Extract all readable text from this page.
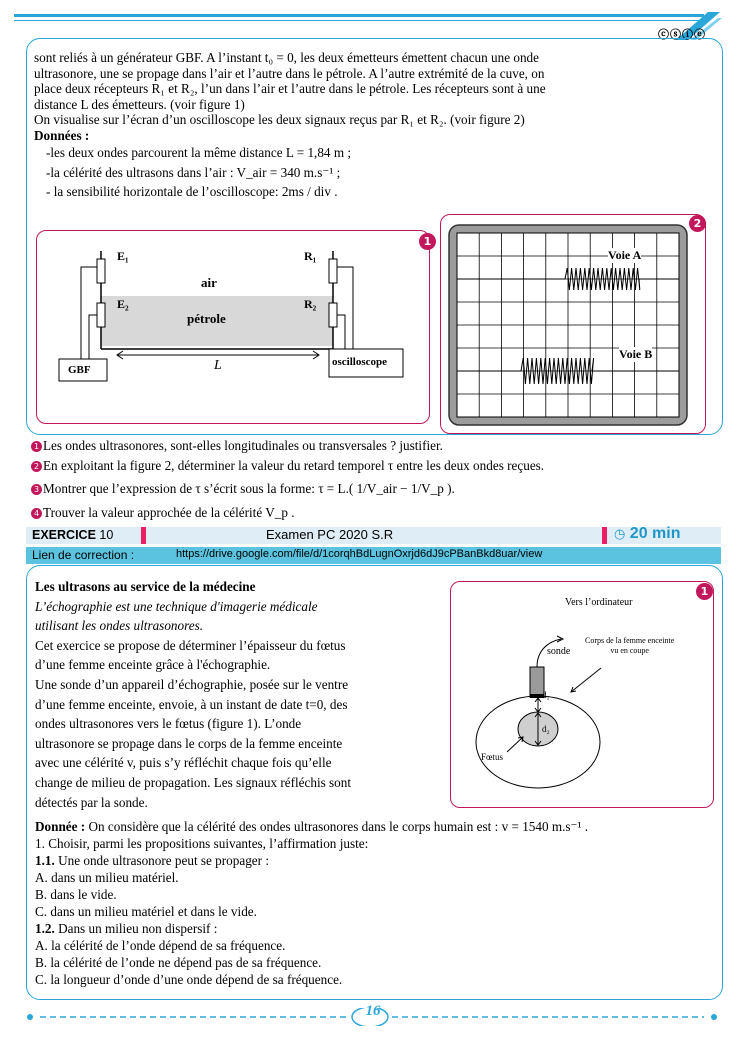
ⓒⓢⓘⓔ
sont reliés à un générateur GBF. A l’instant t₀ = 0, les deux émetteurs émettent chacun une onde
ultrasonore, une se propage dans l’air et l’autre dans le pétrole. A l’autre extrémité de la cuve, on
place deux récepteurs R₁ et R₂, l’un dans l’air et l’autre dans le pétrole. Les récepteurs sont à une
distance L des émetteurs. (voir figure 1)
On visualise sur l’écran d’un oscilloscope les deux signaux reçus par R₁ et R₂. (voir figure 2)
Données :
-les deux ondes parcourent la même distance L = 1,84 m ;
-la célérité des ultrasons dans l’air : V_air = 340 m.s⁻¹ ;
- la sensibilité horizontale de l’oscilloscope: 2ms / div .
1
E₁
E₂
R₁
R₂
air
pétrole
L
GBF
oscilloscope
2
Voie A
Voie B
1 Les ondes ultrasonores, sont-elles longitudinales ou transversales ? justifier.
2 En exploitant la figure 2, déterminer la valeur du retard temporel τ entre les deux ondes reçues.
3 Montrer que l’expression de τ s’écrit sous la forme: τ = L.( 1/V_air − 1/V_p ).
4 Trouver la valeur approchée de la célérité V_p .
EXERCICE 10	Examen PC 2020 S.R	◷ 20 min
Lien de correction :	https://drive.google.com/file/d/1corqhBdLugnOxrjd6dJ9cPBanBkd8uar/view
Les ultrasons au service de la médecine
L’échographie est une technique d'imagerie médicale
utilisant les ondes ultrasonores.
Cet exercice se propose de déterminer l’épaisseur du fœtus
d’une femme enceinte grâce à l'échographie.
Une sonde d’un appareil d’échographie, posée sur le ventre
d’une femme enceinte, envoie, à un instant de date t=0, des
ondes ultrasonores vers le fœtus (figure 1). L’onde
ultrasonore se propage dans le corps de la femme enceinte
avec une célérité v, puis s’y réfléchit chaque fois qu’elle
change de milieu de propagation. Les signaux réfléchis sont
détectés par la sonde.
Donnée : On considère que la célérité des ondes ultrasonores dans le corps humain est : v = 1540 m.s⁻¹ .
1. Choisir, parmi les propositions suivantes, l’affirmation juste:
1.1. Une onde ultrasonore peut se propager :
A. dans un milieu matériel.
B. dans le vide.
C. dans un milieu matériel et dans le vide.
1.2. Dans un milieu non dispersif :
A. la célérité de l’onde dépend de sa fréquence.
B. la célérité de l’onde ne dépend pas de sa fréquence.
C. la longueur d’onde d’une onde dépend de sa fréquence.
1
Vers l’ordinateur
sonde
Corps de la femme enceinte
vu en coupe
d₁
d₂
Fœtus
16
